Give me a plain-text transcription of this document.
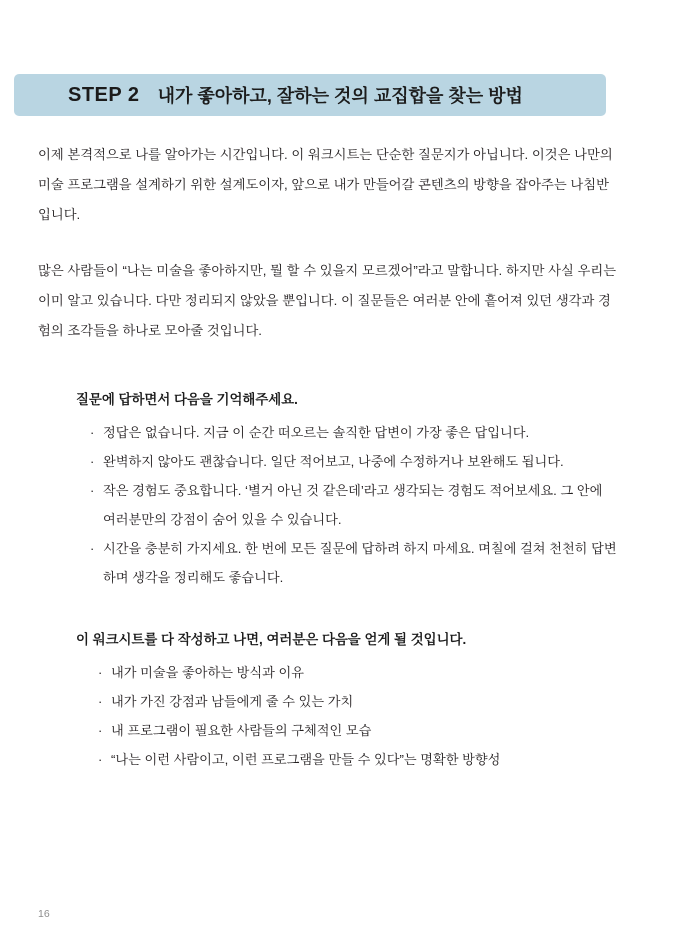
STEP 2	내가 좋아하고, 잘하는 것의 교집합을 찾는 방법

이제 본격적으로 나를 알아가는 시간입니다. 이 워크시트는 단순한 질문지가 아닙니다. 이것은 나만의 미술 프로그램을 설계하기 위한 설계도이자, 앞으로 내가 만들어갈 콘텐츠의 방향을 잡아주는 나침반입니다.

많은 사람들이 “나는 미술을 좋아하지만, 뭘 할 수 있을지 모르겠어”라고 말합니다. 하지만 사실 우리는 이미 알고 있습니다. 다만 정리되지 않았을 뿐입니다. 이 질문들은 여러분 안에 흩어져 있던 생각과 경험의 조각들을 하나로 모아줄 것입니다.

질문에 답하면서 다음을 기억해주세요.
· 정답은 없습니다. 지금 이 순간 떠오르는 솔직한 답변이 가장 좋은 답입니다.
· 완벽하지 않아도 괜찮습니다. 일단 적어보고, 나중에 수정하거나 보완해도 됩니다.
· 작은 경험도 중요합니다. ‘별거 아닌 것 같은데’라고 생각되는 경험도 적어보세요. 그 안에 여러분만의 강점이 숨어 있을 수 있습니다.
· 시간을 충분히 가지세요. 한 번에 모든 질문에 답하려 하지 마세요. 며칠에 걸쳐 천천히 답변하며 생각을 정리해도 좋습니다.
이 워크시트를 다 작성하고 나면, 여러분은 다음을 얻게 될 것입니다.
· 내가 미술을 좋아하는 방식과 이유
· 내가 가진 강점과 남들에게 줄 수 있는 가치
· 내 프로그램이 필요한 사람들의 구체적인 모습
· “나는 이런 사람이고, 이런 프로그램을 만들 수 있다”는 명확한 방향성
16
